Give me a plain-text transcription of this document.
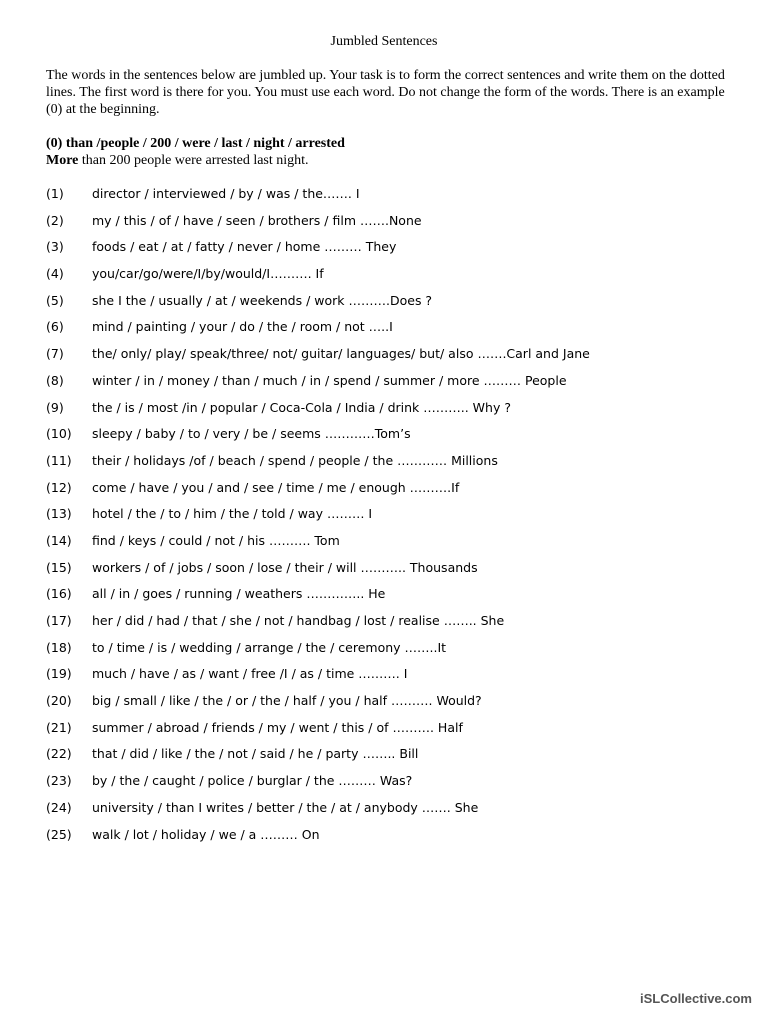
Jumbled Sentences
The words in the sentences below are jumbled up. Your task is to form the correct sentences and write them on the dotted lines. The first word is there for you. You must use each word. Do not change the form of the words. There is an example (0) at the beginning.
(0) than /people / 200 / were / last / night / arrested
More than 200 people were arrested last night.
(1) director / interviewed / by / was / the……. I
(2) my / this / of / have / seen / brothers / film …….None
(3) foods / eat / at / fatty / never / home ……… They
(4) you/car/go/were/I/by/would/I………. If
(5) she I the / usually / at / weekends / work ……….Does ?
(6) mind / painting / your / do / the / room / not …..I
(7) the/ only/ play/ speak/three/ not/ guitar/ languages/ but/ also …….Carl and Jane
(8) winter / in / money / than / much / in / spend / summer / more ……… People
(9) the / is / most /in / popular / Coca-Cola / India / drink ……….. Why ?
(10) sleepy / baby / to / very / be / seems …………Tom’s
(11) their / holidays /of / beach / spend / people / the ………… Millions
(12) come / have / you / and / see / time / me / enough ……….If
(13) hotel / the / to / him / the / told / way ……… I
(14) find / keys / could / not / his ………. Tom
(15) workers / of / jobs / soon / lose / their / will ……….. Thousands
(16) all / in / goes / running / weathers ………….. He
(17) her / did / had / that / she / not / handbag / lost / realise …….. She
(18) to / time / is / wedding / arrange / the / ceremony ……..It
(19) much / have / as / want / free /I / as / time ………. I
(20) big / small / like / the / or / the / half / you / half ………. Would?
(21) summer / abroad / friends / my / went / this / of ………. Half
(22) that / did / like / the / not / said / he / party …….. Bill
(23) by / the / caught / police / burglar / the ……… Was?
(24) university / than I writes / better / the / at / anybody ……. She
(25) walk / lot / holiday / we / a ……… On
iSLCollective.com
